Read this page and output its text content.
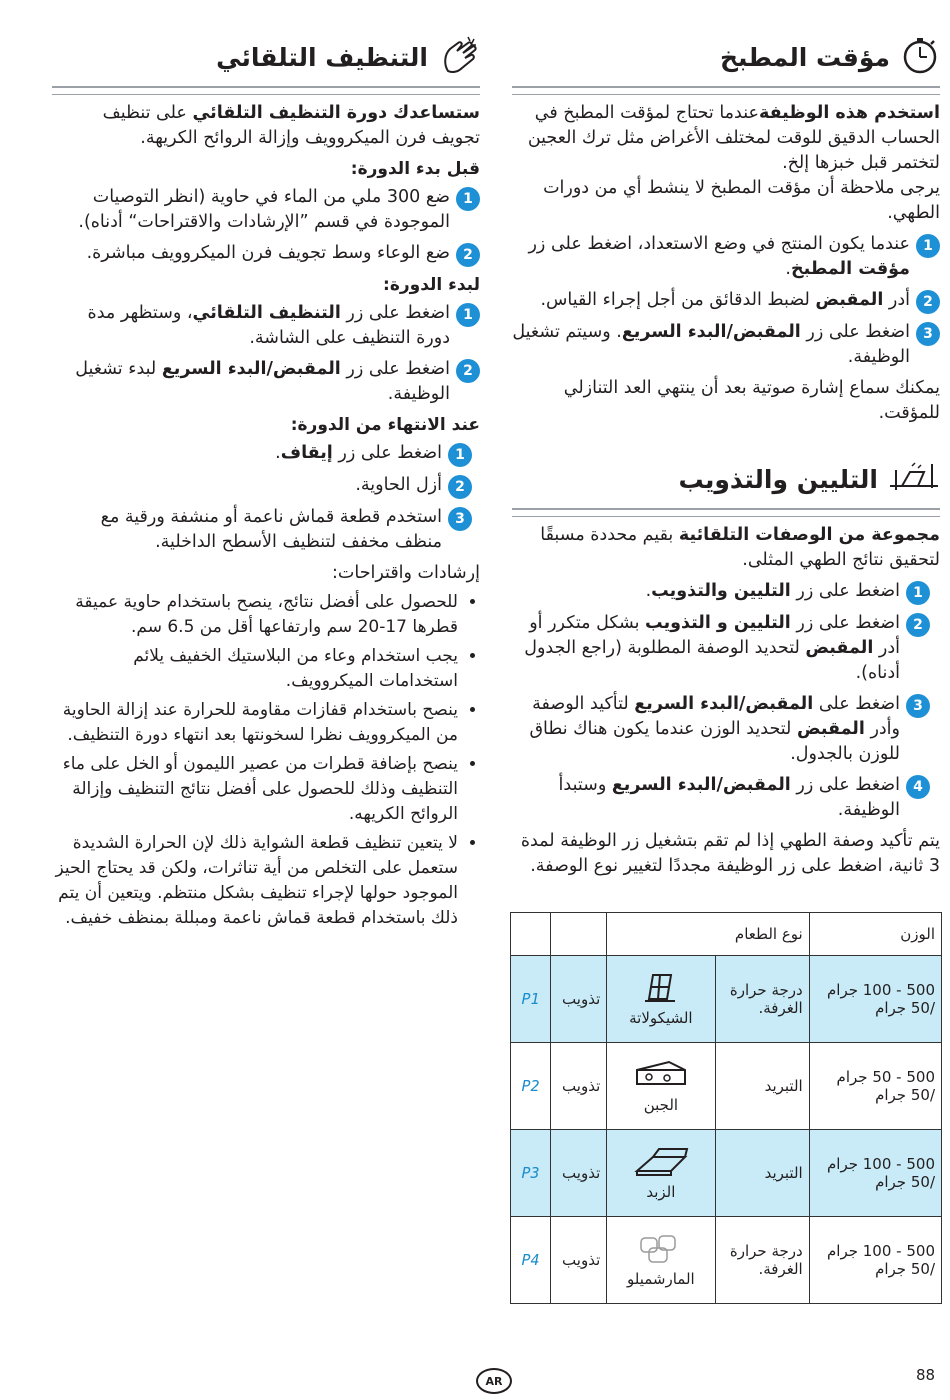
مؤقت المطبخ

استخدم هذه الوظيفةعندما تحتاج لمؤقت المطبخ في الحساب الدقيق للوقت لمختلف الأغراض مثل ترك العجين لتختمر قبل خبزها إلخ.

يرجى ملاحظة أن مؤقت المطبخ لا ينشط أي من دورات الطهي.

1
عندما يكون المنتج في وضع الاستعداد، اضغط على زر مؤقت المطبخ.
2
أدر المقبض لضبط الدقائق من أجل إجراء القياس.
3
اضغط على زر المقبض/البدء السريع. وسيتم تشغيل الوظيفة.

يمكنك سماع إشارة صوتية بعد أن ينتهي العد التنازلي للمؤقت.

التليين والتذويب

مجموعة من الوصفات التلقائية بقيم محددة مسبقًا لتحقيق نتائج الطهي المثلى.

1
اضغط على زر التليين والتذويب.
2
اضغط على زر التليين و التذويب بشكل متكرر أو أدر المقبض لتحديد الوصفة المطلوبة (راجع الجدول أدناه).
3
اضغط على المقبض/البدء السريع لتأكيد الوصفة وأدر المقبض لتحديد الوزن عندما يكون هناك نطاق للوزن بالجدول.
4
اضغط على زر المقبض/البدء السريع وستبدأ الوظيفة.

يتم تأكيد وصفة الطهي إذا لم تقم بتشغيل زر الوظيفة لمدة 3 ثانية، اضغط على زر الوظيفة مجددًا لتغيير نوع الوصفة.

الوزن	نوع الطعام			
500 - 100 جرام /50 جرام	درجة حرارة الغرفة.	الشيكولاتة	تذويب	P1
500 - 50 جرام /50 جرام	التبريد	الجبن	تذويب	P2
500 - 100 جرام /50 جرام	التبريد	الزبد	تذويب	P3
500 - 100 جرام /50 جرام	درجة حرارة الغرفة.	المارشميلو	تذويب	P4
التنظيف التلقائي

ستساعدك دورة التنظيف التلقائي على تنظيف تجويف فرن الميكروويف وإزالة الروائح الكريهة.

قبل بدء الدورة:
1
ضع 300 ملي من الماء في حاوية (انظر التوصيات الموجودة في قسم ”الإرشادات والاقتراحات“ أدناه).
2
ضع الوعاء وسط تجويف فرن الميكروويف مباشرة.
لبدء الدورة:
1
اضغط على زر التنظيف التلقائي، وستظهر مدة دورة التنظيف على الشاشة.
2
اضغط على زر المقبض/البدء السريع لبدء تشغيل الوظيفة.
عند الانتهاء من الدورة:
1
اضغط على زر إيقاف.
2
أزل الحاوية.
3
استخدم قطعة قماش ناعمة أو منشفة ورقية مع منظف مخفف لتنظيف الأسطح الداخلية.

إرشادات واقتراحات:

• للحصول على أفضل نتائج، ينصح باستخدام حاوية عميقة قطرها 17-20 سم وارتفاعها أقل من 6.5 سم.
• يجب استخدام وعاء من البلاستيك الخفيف يلائم استخدامات الميكروويف.
• ينصح باستخدام قفازات مقاومة للحرارة عند إزالة الحاوية من الميكروويف نظرا لسخونتها بعد انتهاء دورة التنظيف.
• ينصح بإضافة قطرات من عصير الليمون أو الخل على ماء التنظيف وذلك للحصول على أفضل نتائج التنظيف وإزالة الروائح الكريهه.
• لا يتعين تنظيف قطعة الشواية ذلك لإن الحرارة الشديدة ستعمل على التخلص من أية تناثرات، ولكن قد يحتاج الحيز الموجود حولها لإجراء تنظيف بشكل منتظم. ويتعين أن يتم ذلك باستخدام قطعة قماش ناعمة ومبللة بمنظف خفيف.
AR	88
